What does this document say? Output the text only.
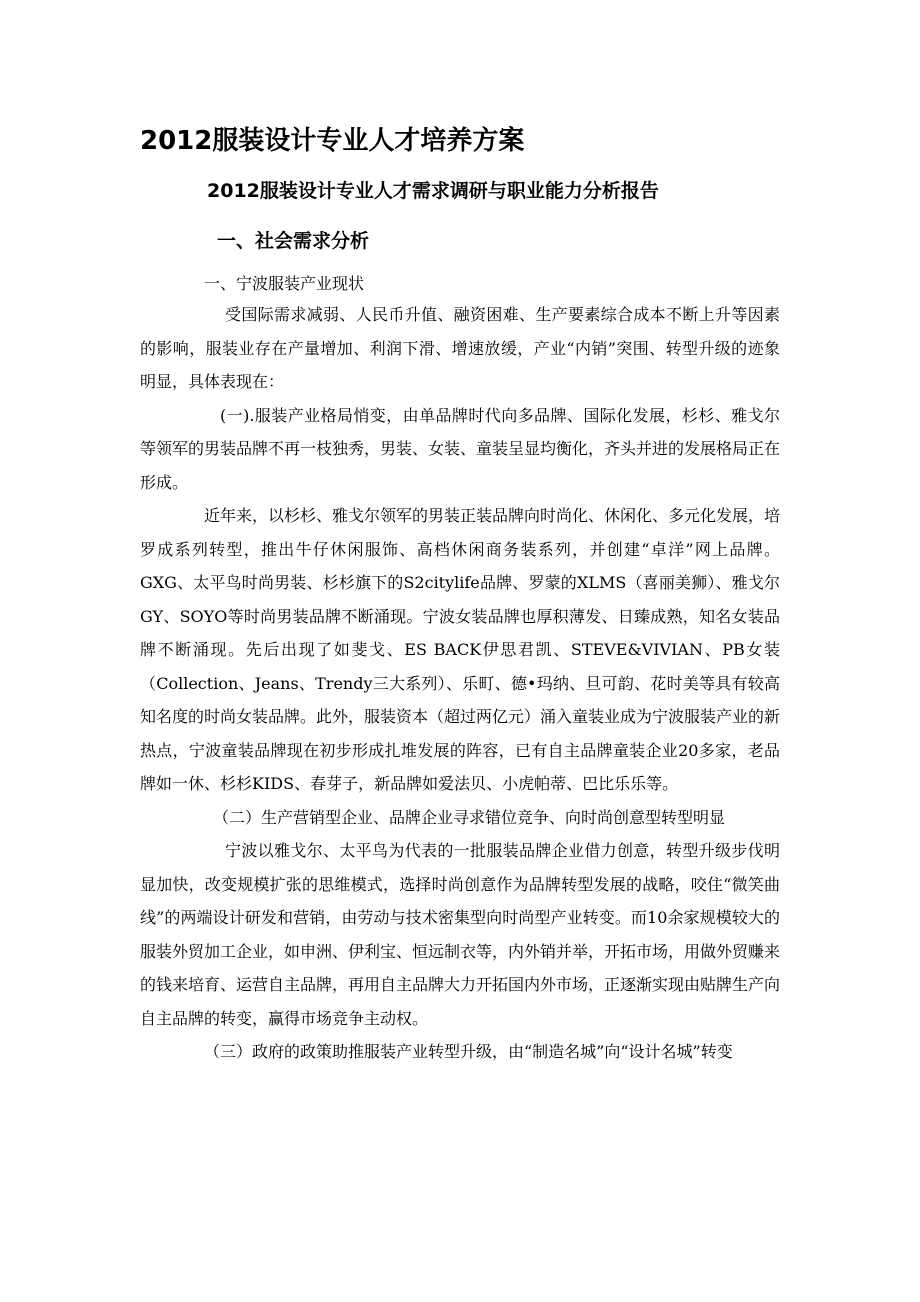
2012服装设计专业人才培养方案
2012服装设计专业人才需求调研与职业能力分析报告
一、社会需求分析
一、宁波服装产业现状

受国际需求减弱、人民币升值、融资困难、生产要素综合成本不断上升等因素的影响，服装业存在产量增加、利润下滑、增速放缓，产业“内销”突围、转型升级的迹象明显，具体表现在：

(一).服装产业格局悄变，由单品牌时代向多品牌、国际化发展，杉杉、雅戈尔等领军的男装品牌不再一枝独秀，男装、女装、童装呈显均衡化，齐头并进的发展格局正在形成。

近年来，以杉杉、雅戈尔领军的男装正装品牌向时尚化、休闲化、多元化发展，培罗成系列转型，推出牛仔休闲服饰、高档休闲商务装系列，并创建“卓洋”网上品牌。GXG、太平鸟时尚男装、杉杉旗下的S2citylife品牌、罗蒙的XLMS（喜丽美狮）、雅戈尔GY、SOYO等时尚男装品牌不断涌现。宁波女装品牌也厚积薄发、日臻成熟，知名女装品牌不断涌现。先后出现了如斐戈、ES BACK伊思君凯、STEVE&VIVIAN、PB女装（Collection、Jeans、Trendy三大系列）、乐町、德•玛纳、旦可韵、花时美等具有较高知名度的时尚女装品牌。此外，服装资本（超过两亿元）涌入童装业成为宁波服装产业的新热点，宁波童装品牌现在初步形成扎堆发展的阵容，已有自主品牌童装企业20多家，老品牌如一休、杉杉KIDS、春芽子，新品牌如爱法贝、小虎帕蒂、巴比乐乐等。

（二）生产营销型企业、品牌企业寻求错位竞争、向时尚创意型转型明显

宁波以雅戈尔、太平鸟为代表的一批服装品牌企业借力创意，转型升级步伐明显加快，改变规模扩张的思维模式，选择时尚创意作为品牌转型发展的战略，咬住“微笑曲线”的两端设计研发和营销，由劳动与技术密集型向时尚型产业转变。而10余家规模较大的服装外贸加工企业，如申洲、伊利宝、恒远制衣等，内外销并举，开拓市场，用做外贸赚来的钱来培育、运营自主品牌，再用自主品牌大力开拓国内外市场，正逐渐实现由贴牌生产向自主品牌的转变，赢得市场竞争主动权。

（三）政府的政策助推服装产业转型升级，由“制造名城”向“设计名城”转变
